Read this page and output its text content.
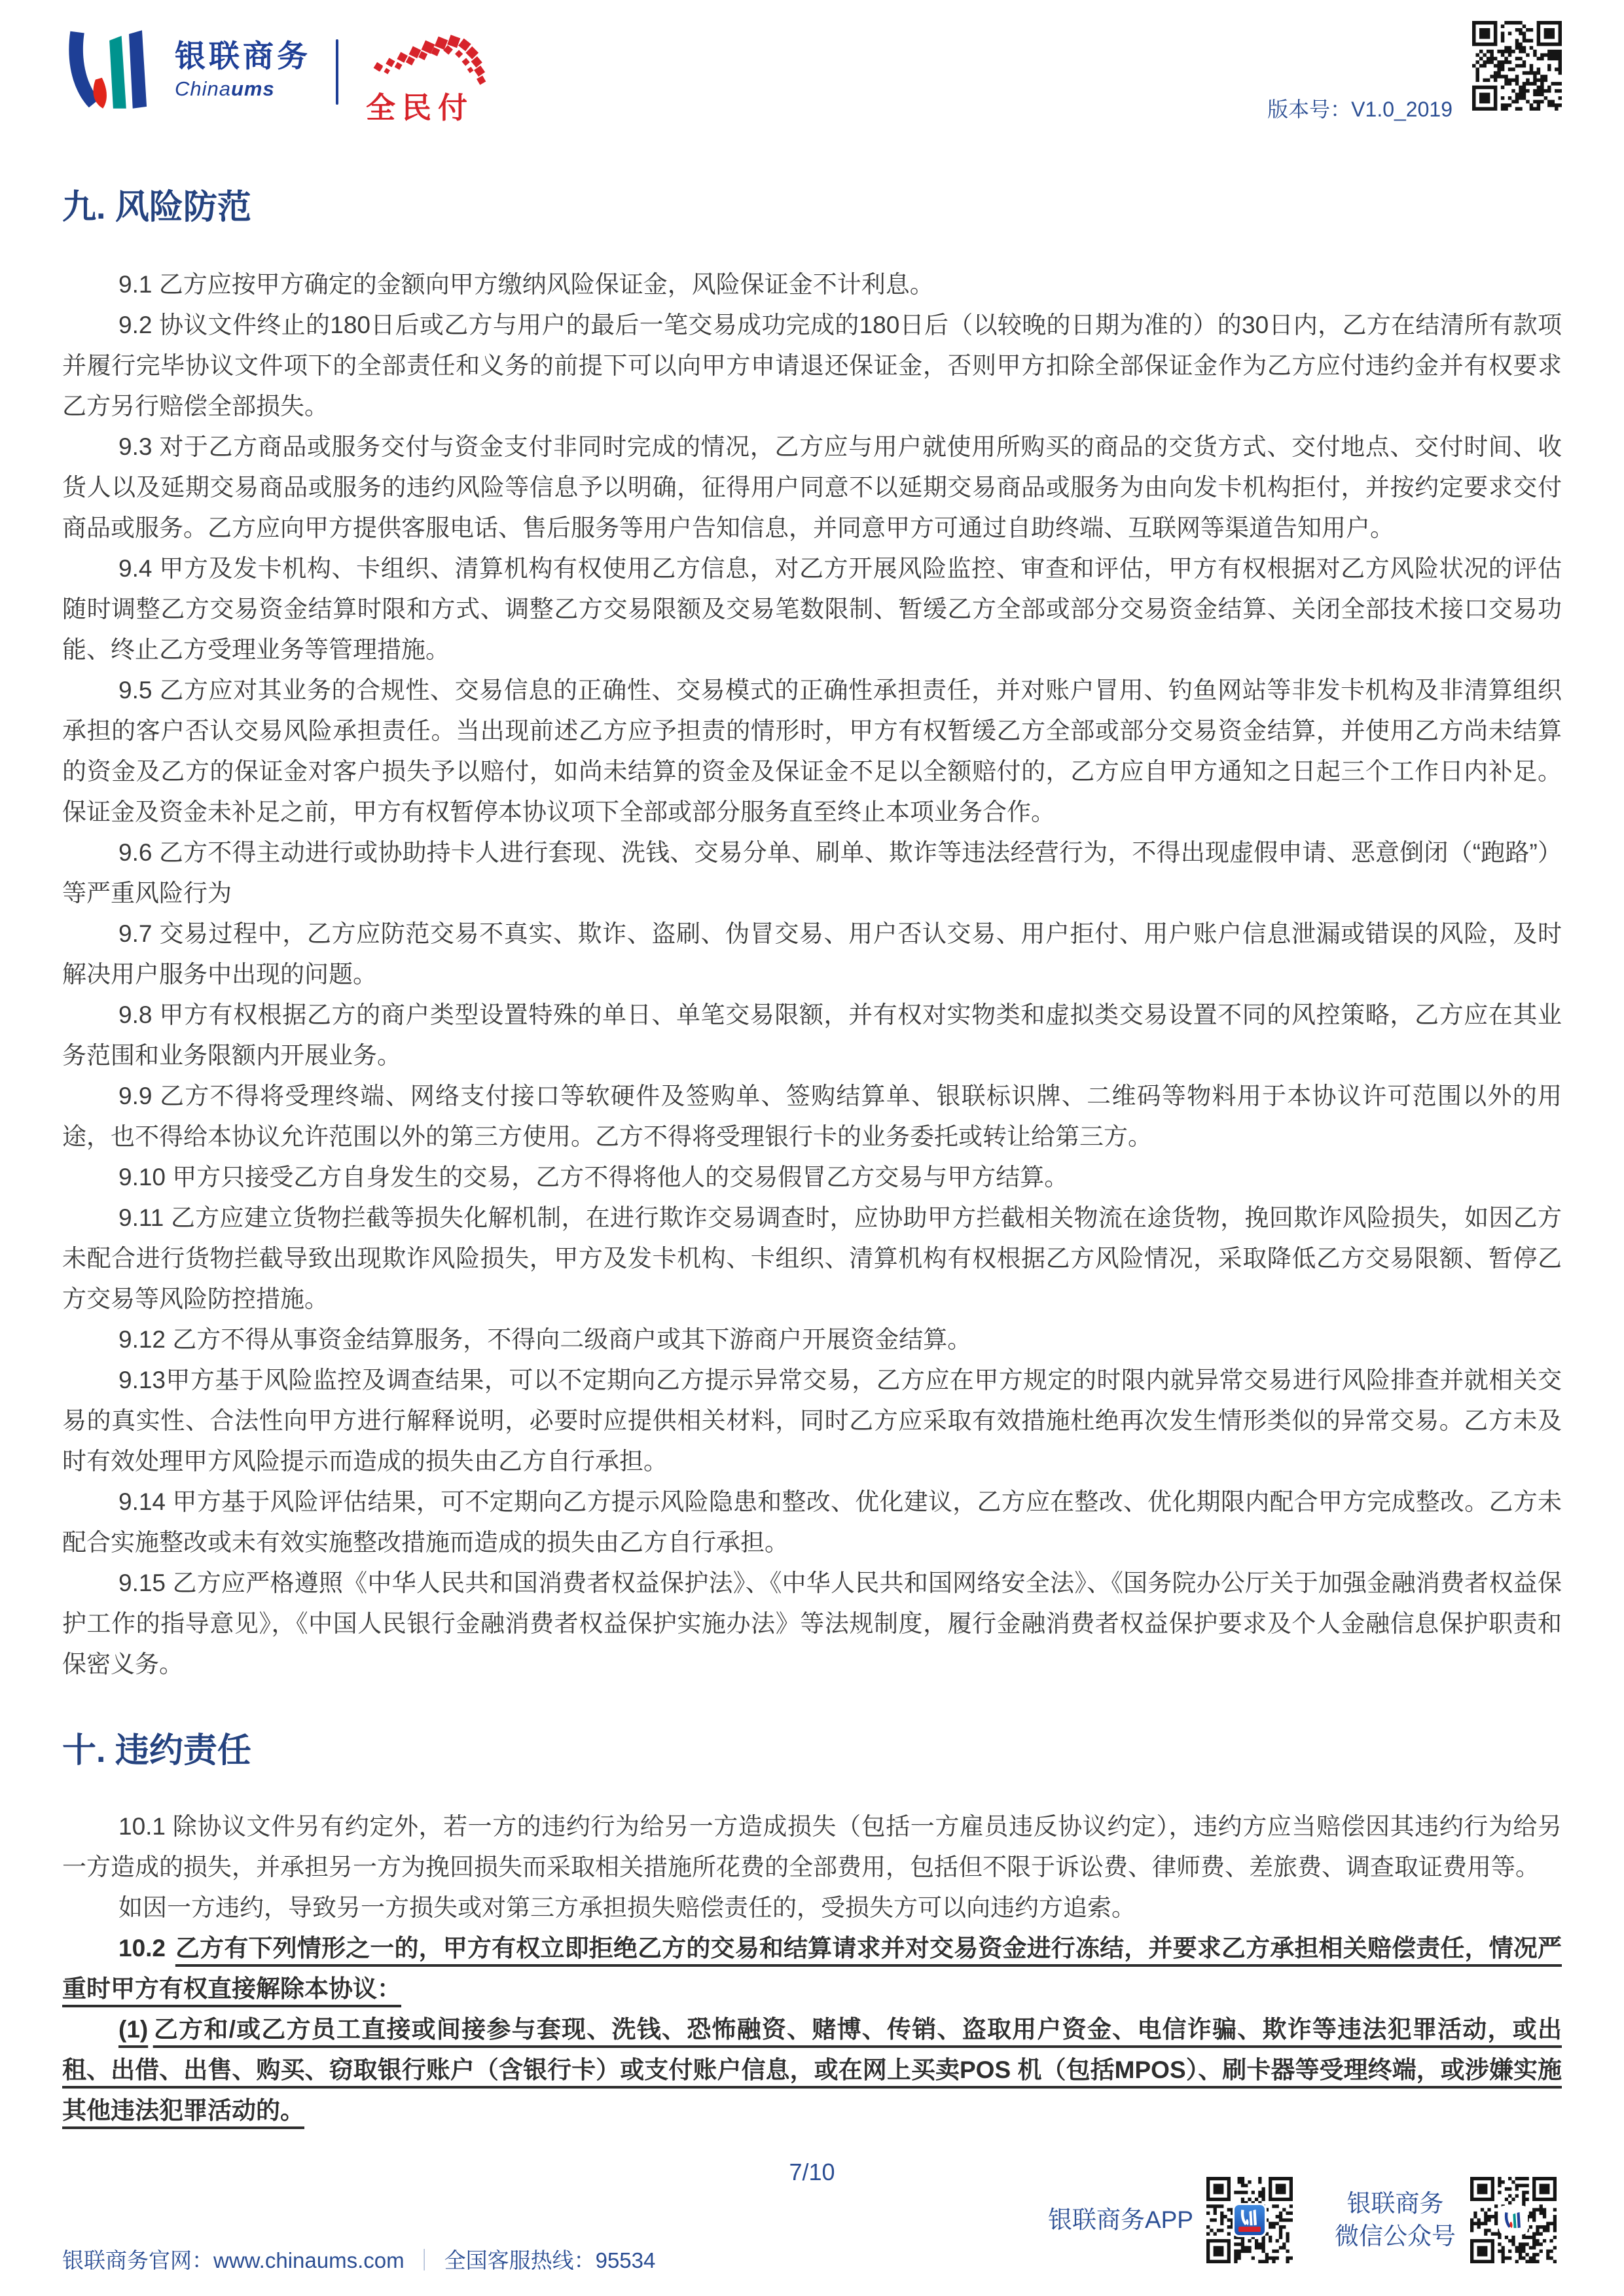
银联商务
Chinaums
全民付	版本号：V1.0_2019
九. 风险防范

9.1 乙方应按甲方确定的金额向甲方缴纳风险保证金，风险保证金不计利息。

9.2 协议文件终止的180日后或乙方与用户的最后一笔交易成功完成的180日后（以较晚的日期为准的）的30日内，乙方在结清所有款项并履行完毕协议文件项下的全部责任和义务的前提下可以向甲方申请退还保证金，否则甲方扣除全部保证金作为乙方应付违约金并有权要求乙方另行赔偿全部损失。

9.3 对于乙方商品或服务交付与资金支付非同时完成的情况，乙方应与用户就使用所购买的商品的交货方式、交付地点、交付时间、收货人以及延期交易商品或服务的违约风险等信息予以明确，征得用户同意不以延期交易商品或服务为由向发卡机构拒付，并按约定要求交付商品或服务。乙方应向甲方提供客服电话、售后服务等用户告知信息，并同意甲方可通过自助终端、互联网等渠道告知用户。

9.4 甲方及发卡机构、卡组织、清算机构有权使用乙方信息，对乙方开展风险监控、审查和评估，甲方有权根据对乙方风险状况的评估随时调整乙方交易资金结算时限和方式、调整乙方交易限额及交易笔数限制、暂缓乙方全部或部分交易资金结算、关闭全部技术接口交易功能、终止乙方受理业务等管理措施。

9.5 乙方应对其业务的合规性、交易信息的正确性、交易模式的正确性承担责任，并对账户冒用、钓鱼网站等非发卡机构及非清算组织承担的客户否认交易风险承担责任。当出现前述乙方应予担责的情形时，甲方有权暂缓乙方全部或部分交易资金结算，并使用乙方尚未结算的资金及乙方的保证金对客户损失予以赔付，如尚未结算的资金及保证金不足以全额赔付的，乙方应自甲方通知之日起三个工作日内补足。保证金及资金未补足之前，甲方有权暂停本协议项下全部或部分服务直至终止本项业务合作。

9.6 乙方不得主动进行或协助持卡人进行套现、洗钱、交易分单、刷单、欺诈等违法经营行为，不得出现虚假申请、恶意倒闭（“跑路”）等严重风险行为

9.7 交易过程中，乙方应防范交易不真实、欺诈、盗刷、伪冒交易、用户否认交易、用户拒付、用户账户信息泄漏或错误的风险，及时解决用户服务中出现的问题。

9.8 甲方有权根据乙方的商户类型设置特殊的单日、单笔交易限额，并有权对实物类和虚拟类交易设置不同的风控策略，乙方应在其业务范围和业务限额内开展业务。

9.9 乙方不得将受理终端、网络支付接口等软硬件及签购单、签购结算单、银联标识牌、二维码等物料用于本协议许可范围以外的用途，也不得给本协议允许范围以外的第三方使用。乙方不得将受理银行卡的业务委托或转让给第三方。

9.10 甲方只接受乙方自身发生的交易，乙方不得将他人的交易假冒乙方交易与甲方结算。

9.11 乙方应建立货物拦截等损失化解机制，在进行欺诈交易调查时，应协助甲方拦截相关物流在途货物，挽回欺诈风险损失，如因乙方未配合进行货物拦截导致出现欺诈风险损失，甲方及发卡机构、卡组织、清算机构有权根据乙方风险情况，采取降低乙方交易限额、暂停乙方交易等风险防控措施。

9.12 乙方不得从事资金结算服务，不得向二级商户或其下游商户开展资金结算。

9.13甲方基于风险监控及调查结果，可以不定期向乙方提示异常交易，乙方应在甲方规定的时限内就异常交易进行风险排查并就相关交易的真实性、合法性向甲方进行解释说明，必要时应提供相关材料，同时乙方应采取有效措施杜绝再次发生情形类似的异常交易。乙方未及时有效处理甲方风险提示而造成的损失由乙方自行承担。

9.14 甲方基于风险评估结果，可不定期向乙方提示风险隐患和整改、优化建议，乙方应在整改、优化期限内配合甲方完成整改。乙方未配合实施整改或未有效实施整改措施而造成的损失由乙方自行承担。

9.15 乙方应严格遵照《中华人民共和国消费者权益保护法》、《中华人民共和国网络安全法》、《国务院办公厅关于加强金融消费者权益保护工作的指导意见》，《中国人民银行金融消费者权益保护实施办法》等法规制度，履行金融消费者权益保护要求及个人金融信息保护职责和保密义务。

十. 违约责任

10.1 除协议文件另有约定外，若一方的违约行为给另一方造成损失（包括一方雇员违反协议约定），违约方应当赔偿因其违约行为给另一方造成的损失，并承担另一方为挽回损失而采取相关措施所花费的全部费用，包括但不限于诉讼费、律师费、差旅费、调查取证费用等。

如因一方违约，导致另一方损失或对第三方承担损失赔偿责任的，受损失方可以向违约方追索。

10.2   乙方有下列情形之一的，甲方有权立即拒绝乙方的交易和结算请求并对交易资金进行冻结，并要求乙方承担相关赔偿责任，情况严重时甲方有权直接解除本协议：

(1)  乙方和/或乙方员工直接或间接参与套现、洗钱、恐怖融资、赌博、传销、盗取用户资金、电信诈骗、欺诈等违法犯罪活动，或出租、出借、出售、购买、窃取银行账户（含银行卡）或支付账户信息，或在网上买卖POS 机（包括MPOS）、刷卡器等受理终端，或涉嫌实施其他违法犯罪活动的。

7/10
银联商务APP
银联商务
微信公众号
银联商务官网：www.chinaums.com ｜ 全国客服热线：95534
